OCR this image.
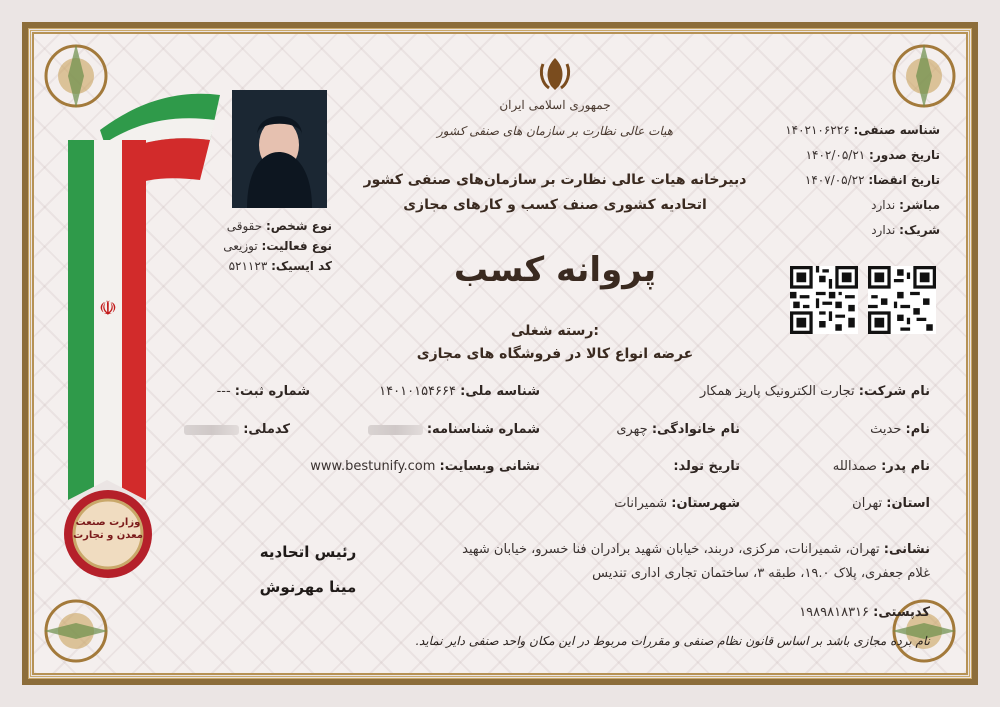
☫
وزارت صنعت معدن و تجارت
نوع شخص: حقوقی
نوع فعالیت: توزیعی
کد ایسیک: ۵۲۱۱۲۳
جمهوری اسلامی ایران
هیات عالی نظارت بر سازمان های صنفی کشور
دبیرخانه هیات عالی نظارت بر سازمان‌های صنفی کشور
اتحادیه کشوری صنف کسب و کارهای مجازی
پروانه کسب
شناسه صنفی: ۱۴۰۲۱۰۶۲۲۶
تاریخ صدور: ۱۴۰۲/۰۵/۲۱
تاریخ انقضا: ۱۴۰۷/۰۵/۲۲
مباشر: ندارد
شریک: ندارد
رسته شغلی:
عرضه انواع کالا در فروشگاه های مجازی
نام شرکت: تجارت الکترونیک پاریز همکار
شناسه ملی: ۱۴۰۱۰۱۵۴۶۶۴
شماره ثبت: ---
نام: حدیث
نام خانوادگی: چهری
شماره شناسنامه:
کدملی:
نام پدر: صمدالله
تاریخ تولد:
نشانی وبسایت: www.bestunify.com
استان: تهران
شهرستان: شمیرانات
نشانی: تهران، شمیرانات، مرکزی، دربند، خیابان شهید برادران فنا خسرو، خیابان شهید
غلام جعفری، پلاک ۱۹.۰، طبقه ۳، ساختمان تجاری اداری تندیس
کدپستی: ۱۹۸۹۸۱۸۳۱۶
رئیس اتحادیه
مینا مهرنوش
نام برده مجازی باشد بر اساس قانون نظام صنفی و مقررات مربوط در این مکان واحد صنفی دایر نماید.
